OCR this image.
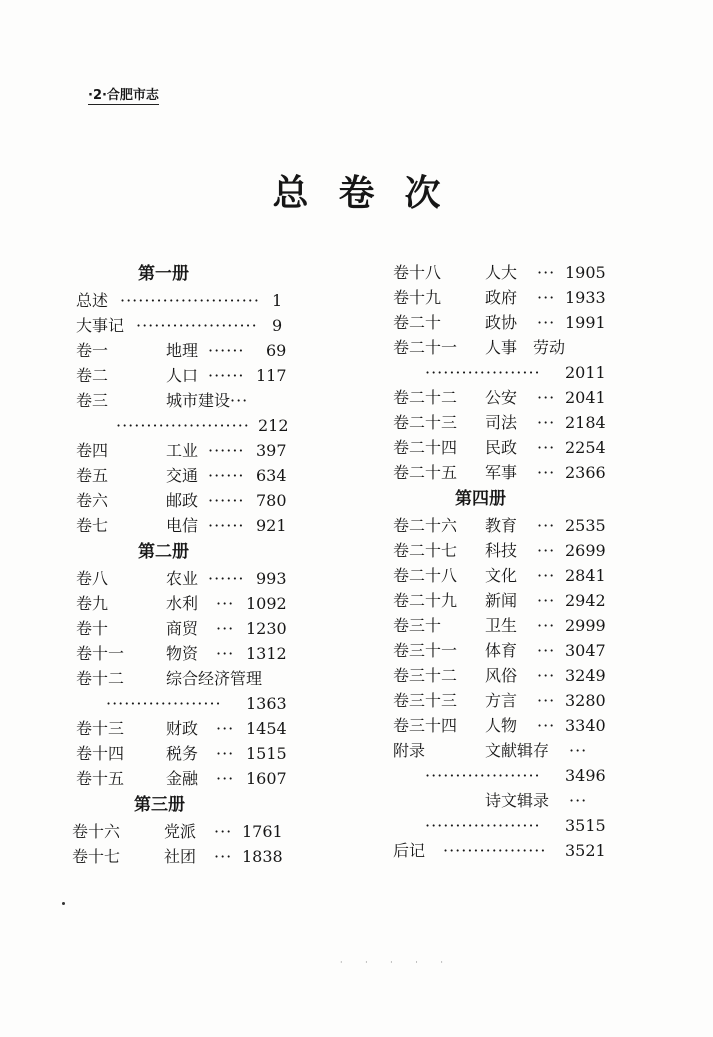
·2·合肥市志
总卷次
第一册
总述 ······················· 1
大事记 ···················· 9
卷一	地理 ······ 69
卷二	人口 ······ 117
卷三	城市建设 ···
······················ 212
卷四	工业 ······ 397
卷五	交通 ······ 634
卷六	邮政 ······ 780
卷七	电信 ······ 921
第二册
卷八	农业 ······ 993
卷九	水利 ··· 1092
卷十	商贸 ··· 1230
卷十一	物资 ··· 1312
卷十二	综合经济管理
··················· 1363
卷十三	财政 ··· 1454
卷十四	税务 ··· 1515
卷十五	金融 ··· 1607
第三册
卷十六	党派 ··· 1761
卷十七	社团 ··· 1838
卷十八	人大 ··· 1905
卷十九	政府 ··· 1933
卷二十	政协 ··· 1991
卷二十一 人事　劳动
··················· 2011
卷二十二 公安 ··· 2041
卷二十三 司法 ··· 2184
卷二十四 民政 ··· 2254
卷二十五 军事 ··· 2366
第四册
卷二十六 教育 ··· 2535
卷二十七 科技 ··· 2699
卷二十八 文化 ··· 2841
卷二十九 新闻 ··· 2942
卷三十	卫生 ··· 2999
卷三十一 体育 ··· 3047
卷三十二 风俗 ··· 3249
卷三十三 方言 ··· 3280
卷三十四 人物 ··· 3340
附录	文献辑存 ···
··················· 3496
诗文辑录 ···
··················· 3515
后记 ················· 3521
· · · · ·
